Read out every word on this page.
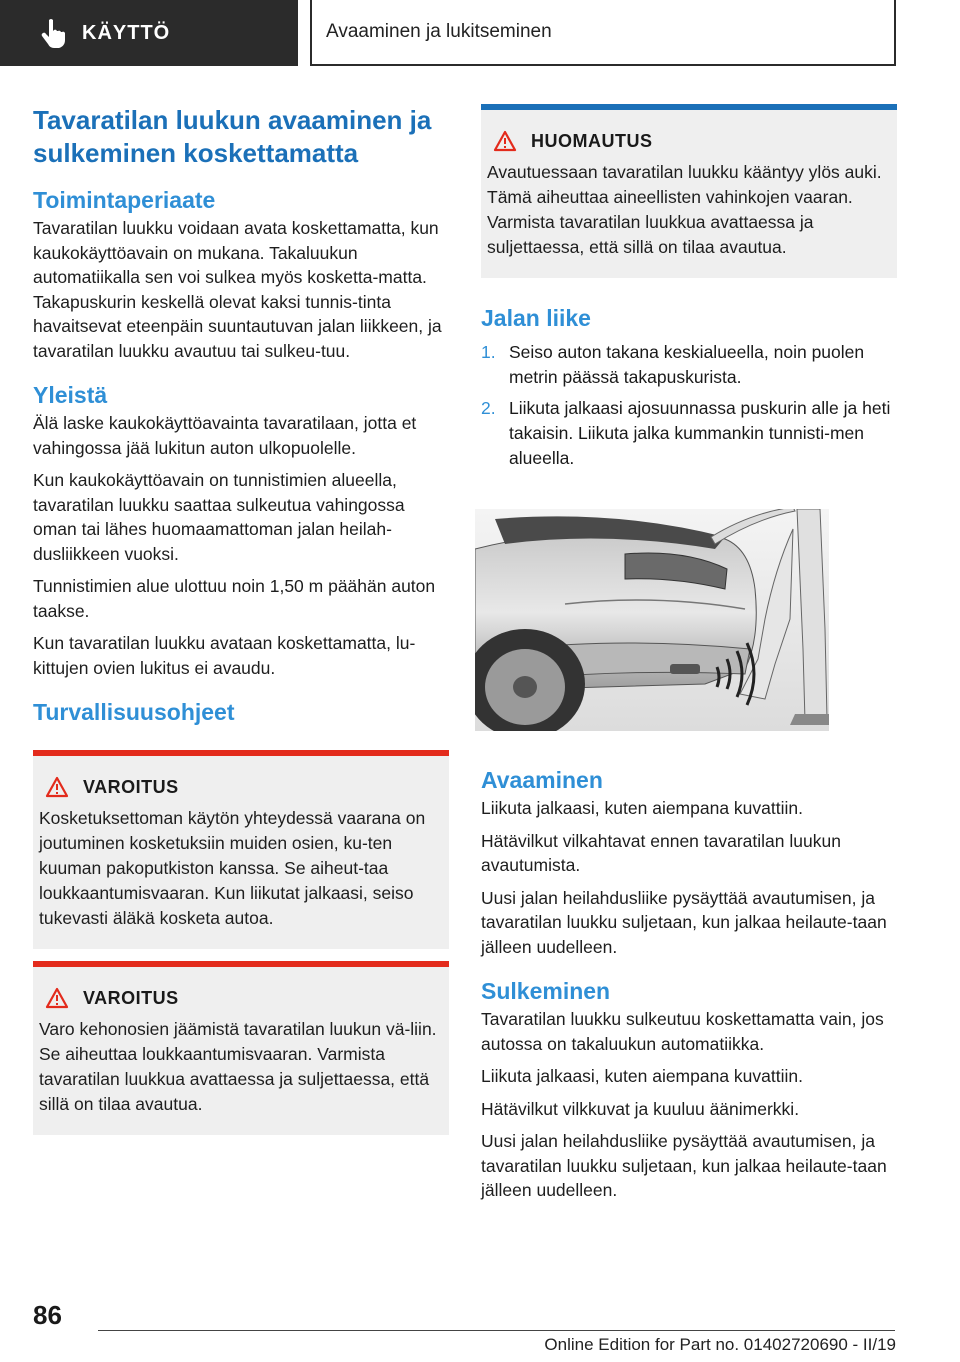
KÄYTTÖ	Avaaminen ja lukitseminen
Tavaratilan luukun avaaminen ja sulkeminen koskettamatta
Toimintaperiaate

Tavaratilan luukku voidaan avata koskettamatta, kun kaukokäyttöavain on mukana. Takaluukun automatiikalla sen voi sulkea myös kosketta-matta. Takapuskurin keskellä olevat kaksi tunnis-tinta havaitsevat eteenpäin suuntautuvan jalan liikkeen, ja tavaratilan luukku avautuu tai sulkeu-tuu.

Yleistä

Älä laske kaukokäyttöavainta tavaratilaan, jotta et vahingossa jää lukitun auton ulkopuolelle.

Kun kaukokäyttöavain on tunnistimien alueella, tavaratilan luukku saattaa sulkeutua vahingossa oman tai lähes huomaamattoman jalan heilah-dusliikkeen vuoksi.

Tunnistimien alue ulottuu noin 1,50 m päähän auton taakse.

Kun tavaratilan luukku avataan koskettamatta, lu-kittujen ovien lukitus ei avaudu.

Turvallisuusohjeet
VAROITUS

Kosketuksettoman käytön yhteydessä vaarana on joutuminen kosketuksiin muiden osien, ku-ten kuuman pakoputkiston kanssa. Se aiheut-taa loukkaantumisvaaran. Kun liikutat jalkaasi, seiso tukevasti äläkä kosketa autoa.

VAROITUS

Varo kehonosien jäämistä tavaratilan luukun vä-liin. Se aiheuttaa loukkaantumisvaaran. Varmista tavaratilan luukkua avattaessa ja suljettaessa, että sillä on tilaa avautua.

HUOMAUTUS

Avautuessaan tavaratilan luukku kääntyy ylös auki. Tämä aiheuttaa aineellisten vahinkojen vaaran. Varmista tavaratilan luukkua avattaessa ja suljettaessa, että sillä on tilaa avautua.

Jalan liike
1. Seiso auton takana keskialueella, noin puolen metrin päässä takapuskurista.
2. Liikuta jalkaasi ajosuunnassa puskurin alle ja heti takaisin. Liikuta jalka kummankin tunnisti-men alueella.
Avaaminen

Liikuta jalkaasi, kuten aiempana kuvattiin.

Hätävilkut vilkahtavat ennen tavaratilan luukun avautumista.

Uusi jalan heilahdusliike pysäyttää avautumisen, ja tavaratilan luukku suljetaan, kun jalkaa heilaute-taan jälleen uudelleen.

Sulkeminen

Tavaratilan luukku sulkeutuu koskettamatta vain, jos autossa on takaluukun automatiikka.

Liikuta jalkaasi, kuten aiempana kuvattiin.

Hätävilkut vilkkuvat ja kuuluu äänimerkki.

Uusi jalan heilahdusliike pysäyttää avautumisen, ja tavaratilan luukku suljetaan, kun jalkaa heilaute-taan jälleen uudelleen.

86
Online Edition for Part no. 01402720690 - II/19
